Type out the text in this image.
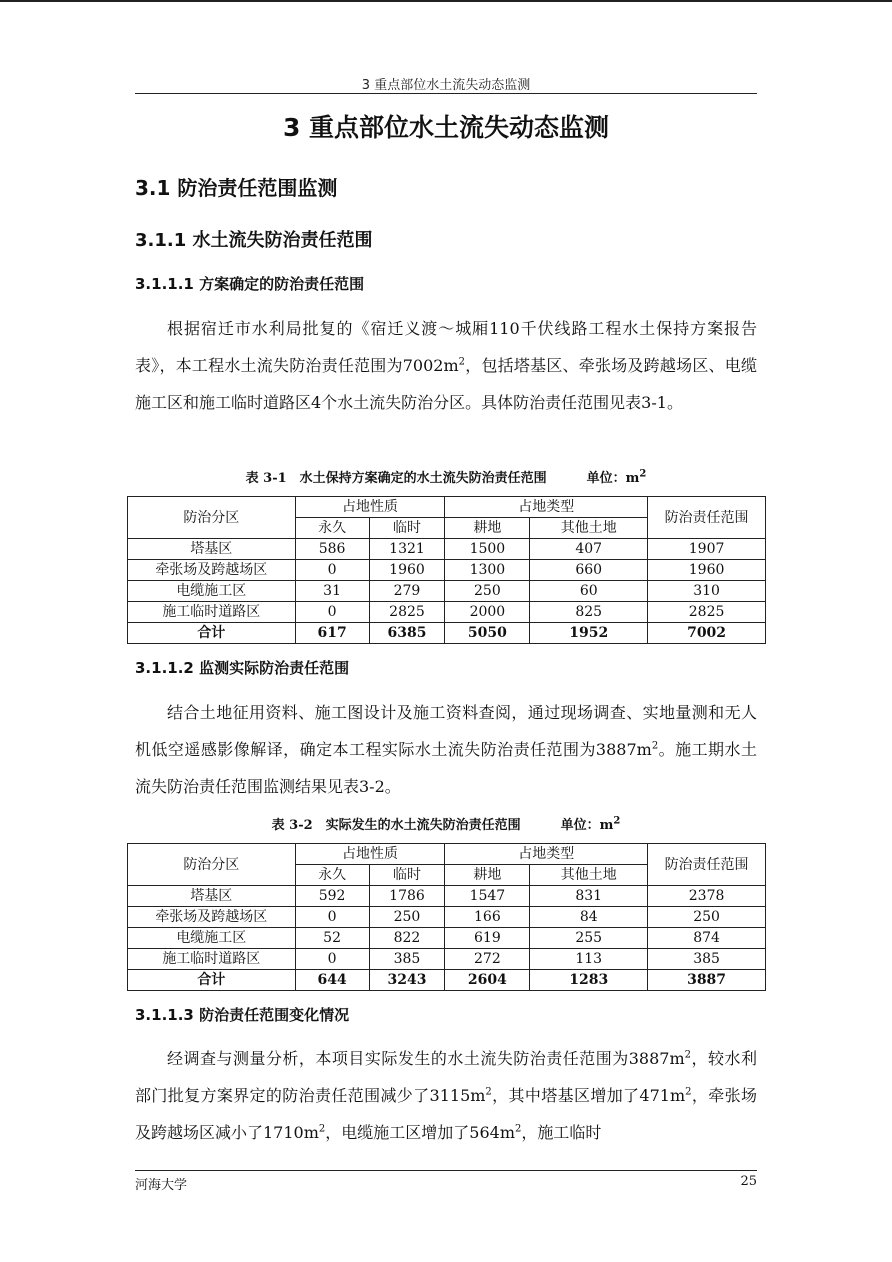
3 重点部位水土流失动态监测
3 重点部位水土流失动态监测
3.1 防治责任范围监测
3.1.1 水土流失防治责任范围
3.1.1.1 方案确定的防治责任范围

根据宿迁市水利局批复的《宿迁义渡～城厢110千伏线路工程水土保持方案报告表》，本工程水土流失防治责任范围为$7002m^2$，包括塔基区、牵张场及跨越场区、电缆施工区和施工临时道路区4个水土流失防治分区。具体防治责任范围见表3-1。

表 3-1　水土保持方案确定的水土流失防治责任范围	单位：$m^2$
防治分区	占地性质		占地类型		防治责任范围
	永久	临时	耕地	其他土地	
塔基区	586	1321	1500	407	1907
牵张场及跨越场区	0	1960	1300	660	1960
电缆施工区	31	279	250	60	310
施工临时道路区	0	2825	2000	825	2825
合计	617	6385	5050	1952	7002
3.1.1.2 监测实际防治责任范围

结合土地征用资料、施工图设计及施工资料查阅，通过现场调查、实地量测和无人机低空遥感影像解译，确定本工程实际水土流失防治责任范围为$3887m^2$。施工期水土流失防治责任范围监测结果见表3-2。

表 3-2　实际发生的水土流失防治责任范围	单位：$m^2$
防治分区	占地性质		占地类型		防治责任范围
	永久	临时	耕地	其他土地	
塔基区	592	1786	1547	831	2378
牵张场及跨越场区	0	250	166	84	250
电缆施工区	52	822	619	255	874
施工临时道路区	0	385	272	113	385
合计	644	3243	2604	1283	3887
3.1.1.3 防治责任范围变化情况

经调查与测量分析，本项目实际发生的水土流失防治责任范围为$3887m^2$，较水利部门批复方案界定的防治责任范围减少了$3115m^2$，其中塔基区增加了$471m^2$，牵张场及跨越场区减小了$1710m^2$，电缆施工区增加了$564m^2$，施工临时

河海大学	25
